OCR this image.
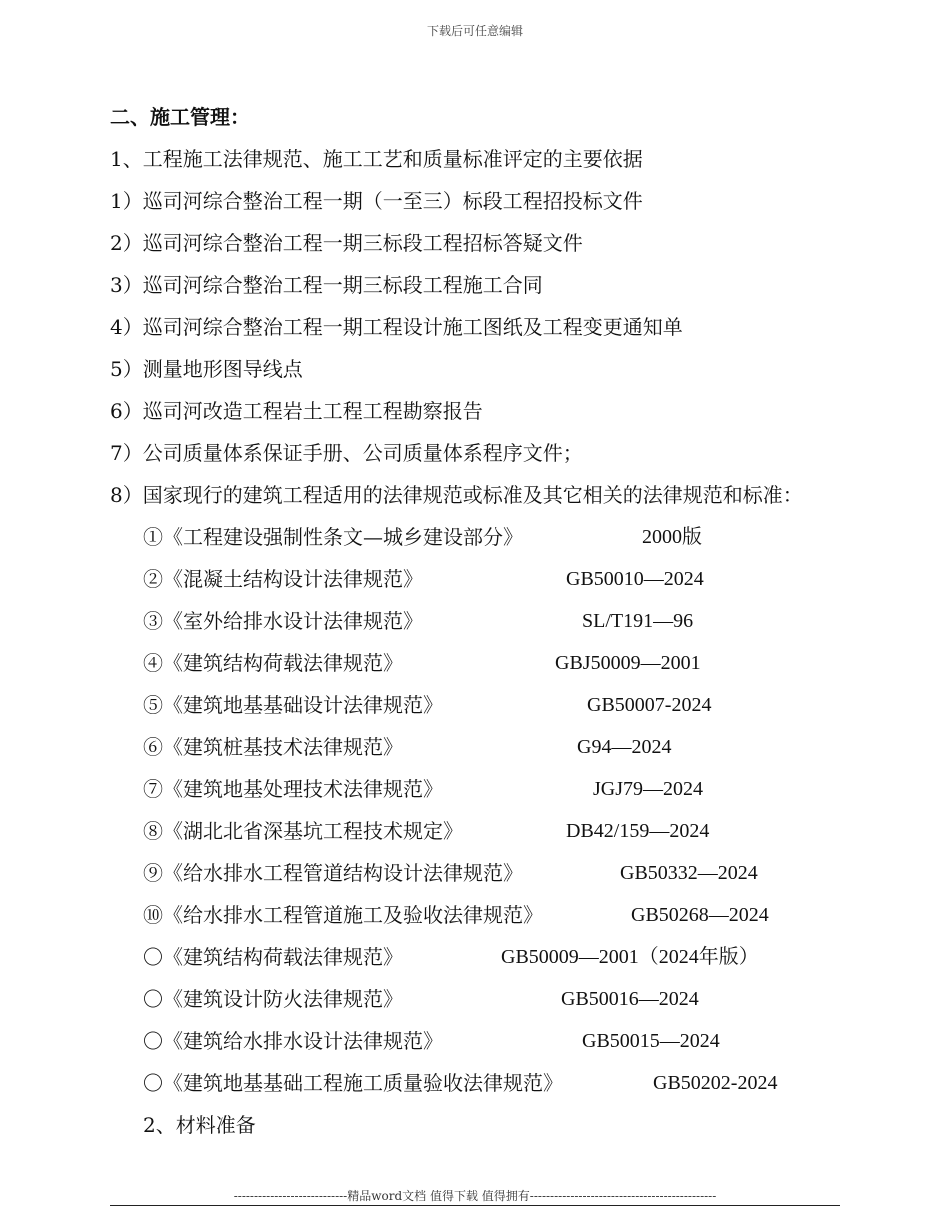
下载后可任意编辑
二、施工管理：
1、工程施工法律规范、施工工艺和质量标准评定的主要依据
1）巡司河综合整治工程一期（一至三）标段工程招投标文件
2）巡司河综合整治工程一期三标段工程招标答疑文件
3）巡司河综合整治工程一期三标段工程施工合同
4）巡司河综合整治工程一期工程设计施工图纸及工程变更通知单
5）测量地形图导线点
6）巡司河改造工程岩土工程工程勘察报告
7）公司质量体系保证手册、公司质量体系程序文件；
8）国家现行的建筑工程适用的法律规范或标准及其它相关的法律规范和标准：
①《工程建设强制性条文—城乡建设部分》	2000版
②《混凝土结构设计法律规范》	GB50010—2024
③《室外给排水设计法律规范》	SL/T191—96
④《建筑结构荷载法律规范》	GBJ50009—2001
⑤《建筑地基基础设计法律规范》	GB50007-2024
⑥《建筑桩基技术法律规范》	G94—2024
⑦《建筑地基处理技术法律规范》	JGJ79—2024
⑧《湖北北省深基坑工程技术规定》	DB42/159—2024
⑨《给水排水工程管道结构设计法律规范》	GB50332—2024
⑩《给水排水工程管道施工及验收法律规范》	GB50268—2024
〇《建筑结构荷载法律规范》	GB50009—2001（2024年版）
〇《建筑设计防火法律规范》	GB50016—2024
〇《建筑给水排水设计法律规范》	GB50015—2024
〇《建筑地基基础工程施工质量验收法律规范》	GB50202-2024
2、材料准备
----------------------------精品word文档 值得下载 值得拥有----------------------------------------------
